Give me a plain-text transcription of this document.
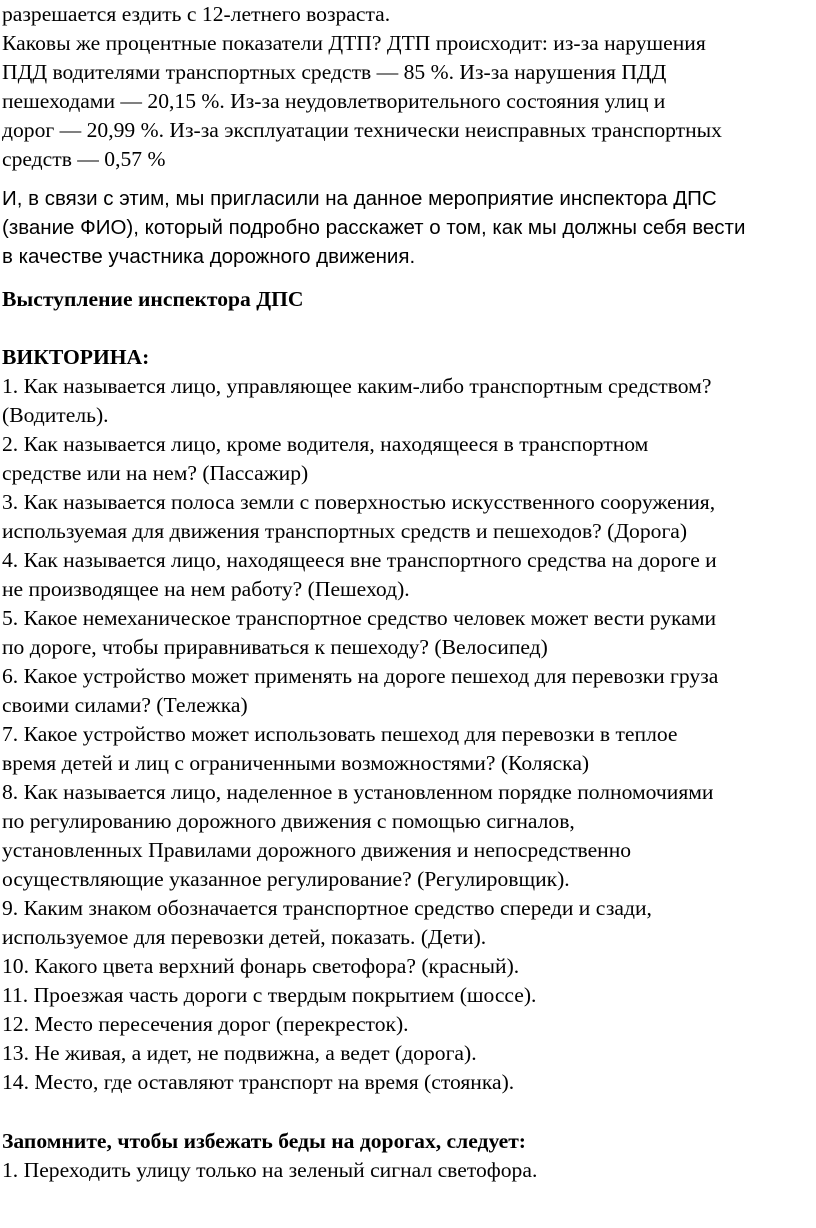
разрешается ездить с 12-летнего возраста.
Каковы же процентные показатели ДТП? ДТП происходит: из-за нарушения
ПДД водителями транспортных средств — 85 %. Из-за нарушения ПДД
пешеходами — 20,15 %. Из-за неудовлетворительного состояния улиц и
дорог — 20,99 %. Из-за эксплуатации технически неисправных транспортных
средств — 0,57 %
И, в связи с этим, мы пригласили на данное мероприятие инспектора ДПС
(звание ФИО), который подробно расскажет о том, как мы должны себя вести
в качестве участника дорожного движения.
Выступление инспектора ДПС
ВИКТОРИНА:
1. Как называется лицо, управляющее каким-либо транспортным средством?
(Водитель).
2. Как называется лицо, кроме водителя, находящееся в транспортном
средстве или на нем? (Пассажир)
3. Как называется полоса земли с поверхностью искусственного сооружения,
используемая для движения транспортных средств и пешеходов? (Дорога)
4. Как называется лицо, находящееся вне транспортного средства на дороге и
не производящее на нем работу? (Пешеход).
5. Какое немеханическое транспортное средство человек может вести руками
по дороге, чтобы приравниваться к пешеходу? (Велосипед)
6. Какое устройство может применять на дороге пешеход для перевозки груза
своими силами? (Тележка)
7. Какое устройство может использовать пешеход для перевозки в теплое
время детей и лиц с ограниченными возможностями? (Коляска)
8. Как называется лицо, наделенное в установленном порядке полномочиями
по регулированию дорожного движения с помощью сигналов,
установленных Правилами дорожного движения и непосредственно
осуществляющие указанное регулирование? (Регулировщик).
9. Каким знаком обозначается транспортное средство спереди и сзади,
используемое для перевозки детей, показать. (Дети).
10. Какого цвета верхний фонарь светофора? (красный).
11. Проезжая часть дороги с твердым покрытием (шоссе).
12. Место пересечения дорог (перекресток).
13. Не живая, а идет, не подвижна, а ведет (дорога).
14. Место, где оставляют транспорт на время (стоянка).
Запомните, чтобы избежать беды на дорогах, следует:
1. Переходить улицу только на зеленый сигнал светофора.
